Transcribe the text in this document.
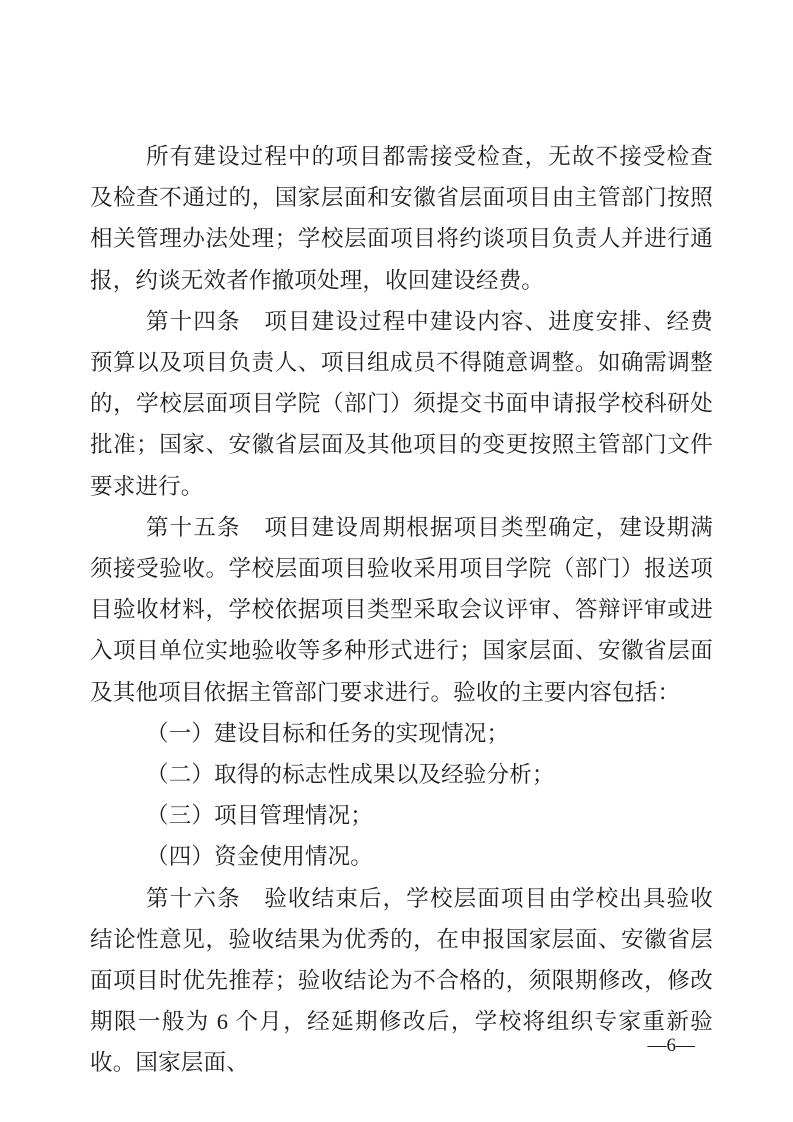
所有建设过程中的项目都需接受检查，无故不接受检查及检查不通过的，国家层面和安徽省层面项目由主管部门按照相关管理办法处理；学校层面项目将约谈项目负责人并进行通报，约谈无效者作撤项处理，收回建设经费。

第十四条　项目建设过程中建设内容、进度安排、经费预算以及项目负责人、项目组成员不得随意调整。如确需调整的，学校层面项目学院（部门）须提交书面申请报学校科研处批准；国家、安徽省层面及其他项目的变更按照主管部门文件要求进行。

第十五条　项目建设周期根据项目类型确定，建设期满须接受验收。学校层面项目验收采用项目学院（部门）报送项目验收材料，学校依据项目类型采取会议评审、答辩评审或进入项目单位实地验收等多种形式进行；国家层面、安徽省层面及其他项目依据主管部门要求进行。验收的主要内容包括：

（一）建设目标和任务的实现情况；

（二）取得的标志性成果以及经验分析；

（三）项目管理情况；

（四）资金使用情况。

第十六条　验收结束后，学校层面项目由学校出具验收结论性意见，验收结果为优秀的，在申报国家层面、安徽省层面项目时优先推荐；验收结论为不合格的，须限期修改，修改期限一般为 6 个月，经延期修改后，学校将组织专家重新验收。国家层面、

—6—
